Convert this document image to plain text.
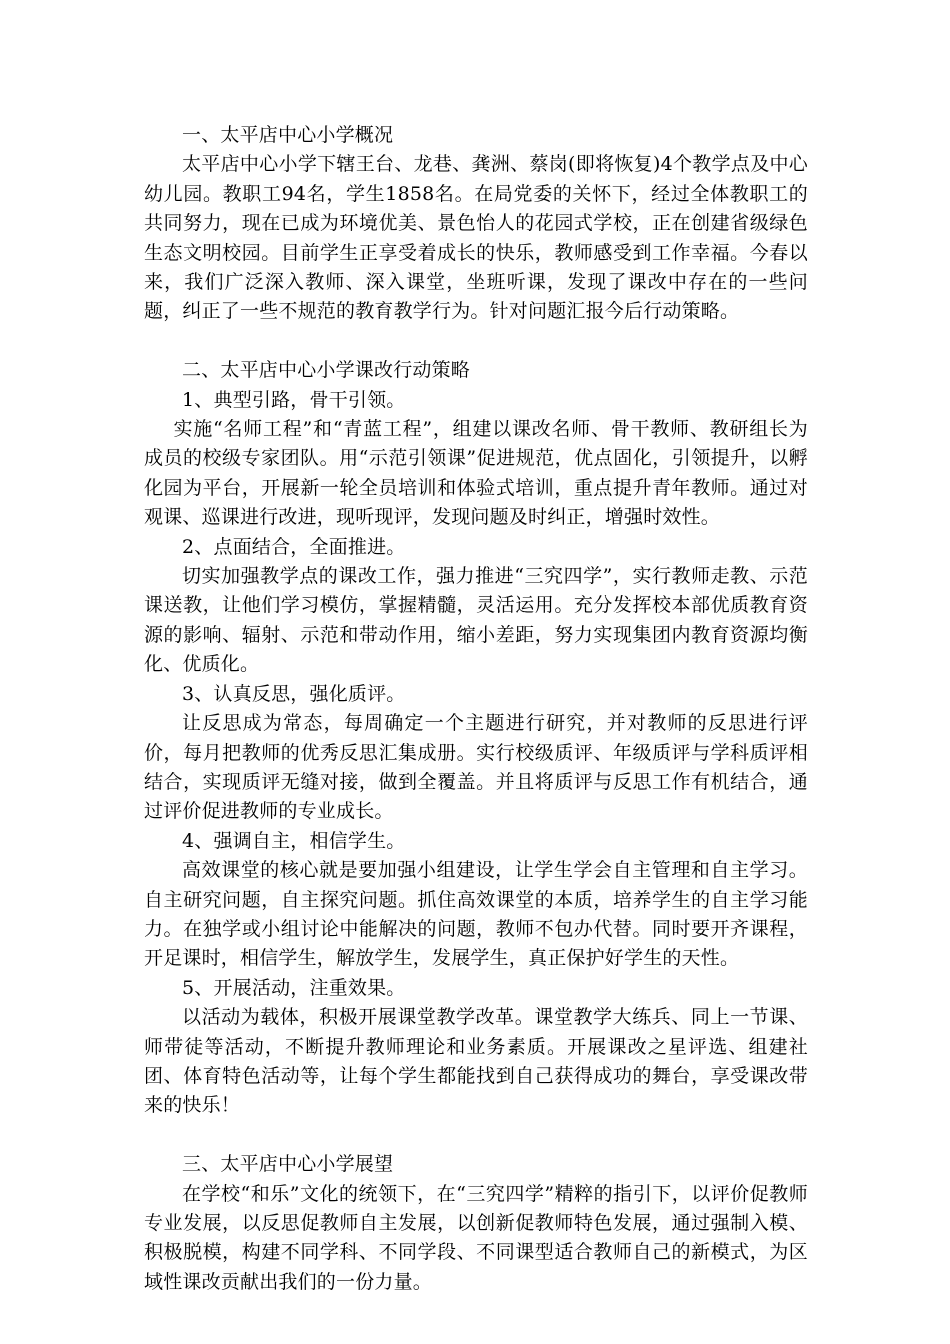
一、太平店中心小学概况

太平店中心小学下辖王台、龙巷、龚洲、蔡岗(即将恢复)4个教学点及中心幼儿园。教职工94名，学生1858名。在局党委的关怀下，经过全体教职工的共同努力，现在已成为环境优美、景色怡人的花园式学校，正在创建省级绿色生态文明校园。目前学生正享受着成长的快乐，教师感受到工作幸福。今春以来，我们广泛深入教师、深入课堂，坐班听课，发现了课改中存在的一些问题，纠正了一些不规范的教育教学行为。针对问题汇报今后行动策略。

二、太平店中心小学课改行动策略

1、典型引路，骨干引领。

实施“名师工程”和“青蓝工程”，组建以课改名师、骨干教师、教研组长为成员的校级专家团队。用“示范引领课”促进规范，优点固化，引领提升，以孵化园为平台，开展新一轮全员培训和体验式培训，重点提升青年教师。通过对观课、巡课进行改进，现听现评，发现问题及时纠正，增强时效性。

2、点面结合，全面推进。

切实加强教学点的课改工作，强力推进“三究四学”，实行教师走教、示范课送教，让他们学习模仿，掌握精髓，灵活运用。充分发挥校本部优质教育资源的影响、辐射、示范和带动作用，缩小差距，努力实现集团内教育资源均衡化、优质化。

3、认真反思，强化质评。

让反思成为常态，每周确定一个主题进行研究，并对教师的反思进行评价，每月把教师的优秀反思汇集成册。实行校级质评、年级质评与学科质评相结合，实现质评无缝对接，做到全覆盖。并且将质评与反思工作有机结合，通过评价促进教师的专业成长。

4、强调自主，相信学生。

高效课堂的核心就是要加强小组建设，让学生学会自主管理和自主学习。自主研究问题，自主探究问题。抓住高效课堂的本质，培养学生的自主学习能力。在独学或小组讨论中能解决的问题，教师不包办代替。同时要开齐课程，开足课时，相信学生，解放学生，发展学生，真正保护好学生的天性。

5、开展活动，注重效果。

以活动为载体，积极开展课堂教学改革。课堂教学大练兵、同上一节课、师带徒等活动，不断提升教师理论和业务素质。开展课改之星评选、组建社团、体育特色活动等，让每个学生都能找到自己获得成功的舞台，享受课改带来的快乐！

三、太平店中心小学展望

在学校“和乐”文化的统领下，在“三究四学”精粹的指引下，以评价促教师专业发展，以反思促教师自主发展，以创新促教师特色发展，通过强制入模、积极脱模，构建不同学科、不同学段、不同课型适合教师自己的新模式，为区域性课改贡献出我们的一份力量。
